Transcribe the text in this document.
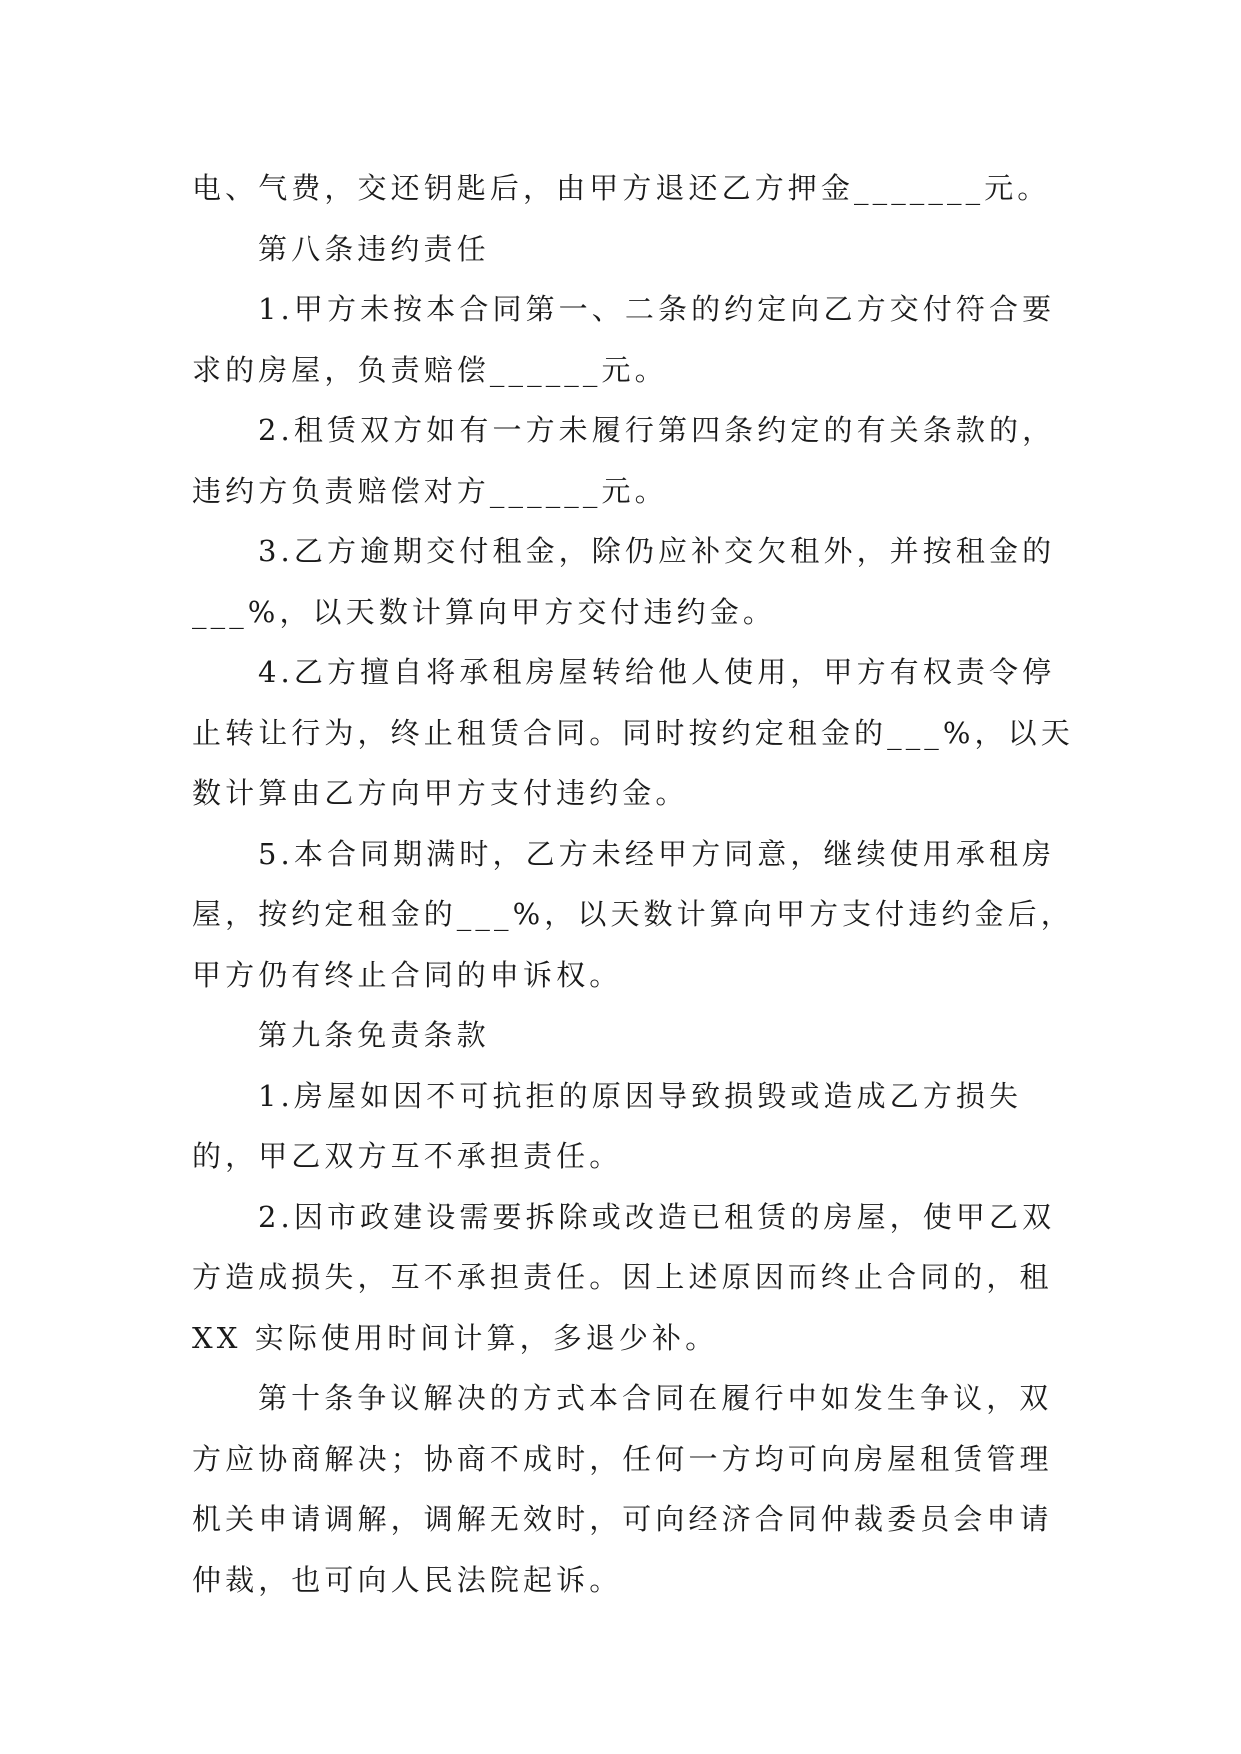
电、气费，交还钥匙后，由甲方退还乙方押金_______元。
第八条违约责任
1.甲方未按本合同第一、二条的约定向乙方交付符合要
求的房屋，负责赔偿______元。
2.租赁双方如有一方未履行第四条约定的有关条款的，
违约方负责赔偿对方______元。
3.乙方逾期交付租金，除仍应补交欠租外，并按租金的
___%，以天数计算向甲方交付违约金。
4.乙方擅自将承租房屋转给他人使用，甲方有权责令停
止转让行为，终止租赁合同。同时按约定租金的___%，以天
数计算由乙方向甲方支付违约金。
5.本合同期满时，乙方未经甲方同意，继续使用承租房
屋，按约定租金的___%，以天数计算向甲方支付违约金后，
甲方仍有终止合同的申诉权。
第九条免责条款
1.房屋如因不可抗拒的原因导致损毁或造成乙方损失
的，甲乙双方互不承担责任。
2.因市政建设需要拆除或改造已租赁的房屋，使甲乙双
方造成损失，互不承担责任。因上述原因而终止合同的，租
XX 实际使用时间计算，多退少补。
第十条争议解决的方式本合同在履行中如发生争议，双
方应协商解决；协商不成时，任何一方均可向房屋租赁管理
机关申请调解，调解无效时，可向经济合同仲裁委员会申请
仲裁，也可向人民法院起诉。
